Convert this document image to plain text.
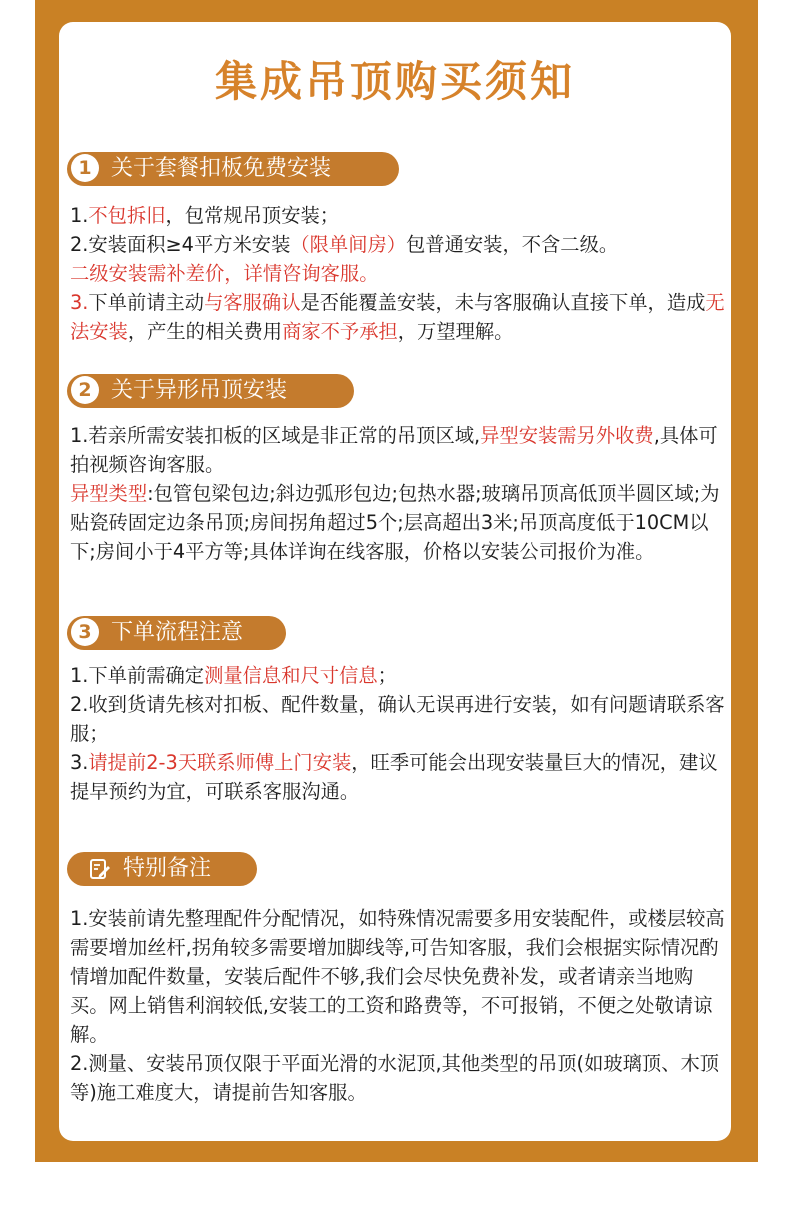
集成吊顶购买须知
1 关于套餐扣板免费安装

1.不包拆旧，包常规吊顶安装；

2.安装面积≥4平方米安装（限单间房）包普通安装，不含二级。

二级安装需补差价，详情咨询客服。

3.下单前请主动与客服确认是否能覆盖安装，未与客服确认直接下单，造成无法安装，产生的相关费用商家不予承担，万望理解。

2 关于异形吊顶安装

1.若亲所需安装扣板的区域是非正常的吊顶区域,异型安装需另外收费,具体可拍视频咨询客服。

异型类型:包管包梁包边;斜边弧形包边;包热水器;玻璃吊顶高低顶半圆区域;为贴瓷砖固定边条吊顶;房间拐角超过5个;层高超出3米;吊顶高度低于10CM以下;房间小于4平方等;具体详询在线客服，价格以安装公司报价为准。

3 下单流程注意

1.下单前需确定测量信息和尺寸信息；

2.收到货请先核对扣板、配件数量，确认无误再进行安装，如有问题请联系客服；

3.请提前2-3天联系师傅上门安装，旺季可能会出现安装量巨大的情况，建议提早预约为宜，可联系客服沟通。

特别备注

1.安装前请先整理配件分配情况，如特殊情况需要多用安装配件，或楼层较高需要增加丝杆,拐角较多需要增加脚线等,可告知客服，我们会根据实际情况酌情增加配件数量，安装后配件不够,我们会尽快免费补发，或者请亲当地购买。网上销售利润较低,安装工的工资和路费等，不可报销，不便之处敬请谅解。

2.测量、安装吊顶仅限于平面光滑的水泥顶,其他类型的吊顶(如玻璃顶、木顶等)施工难度大，请提前告知客服。
